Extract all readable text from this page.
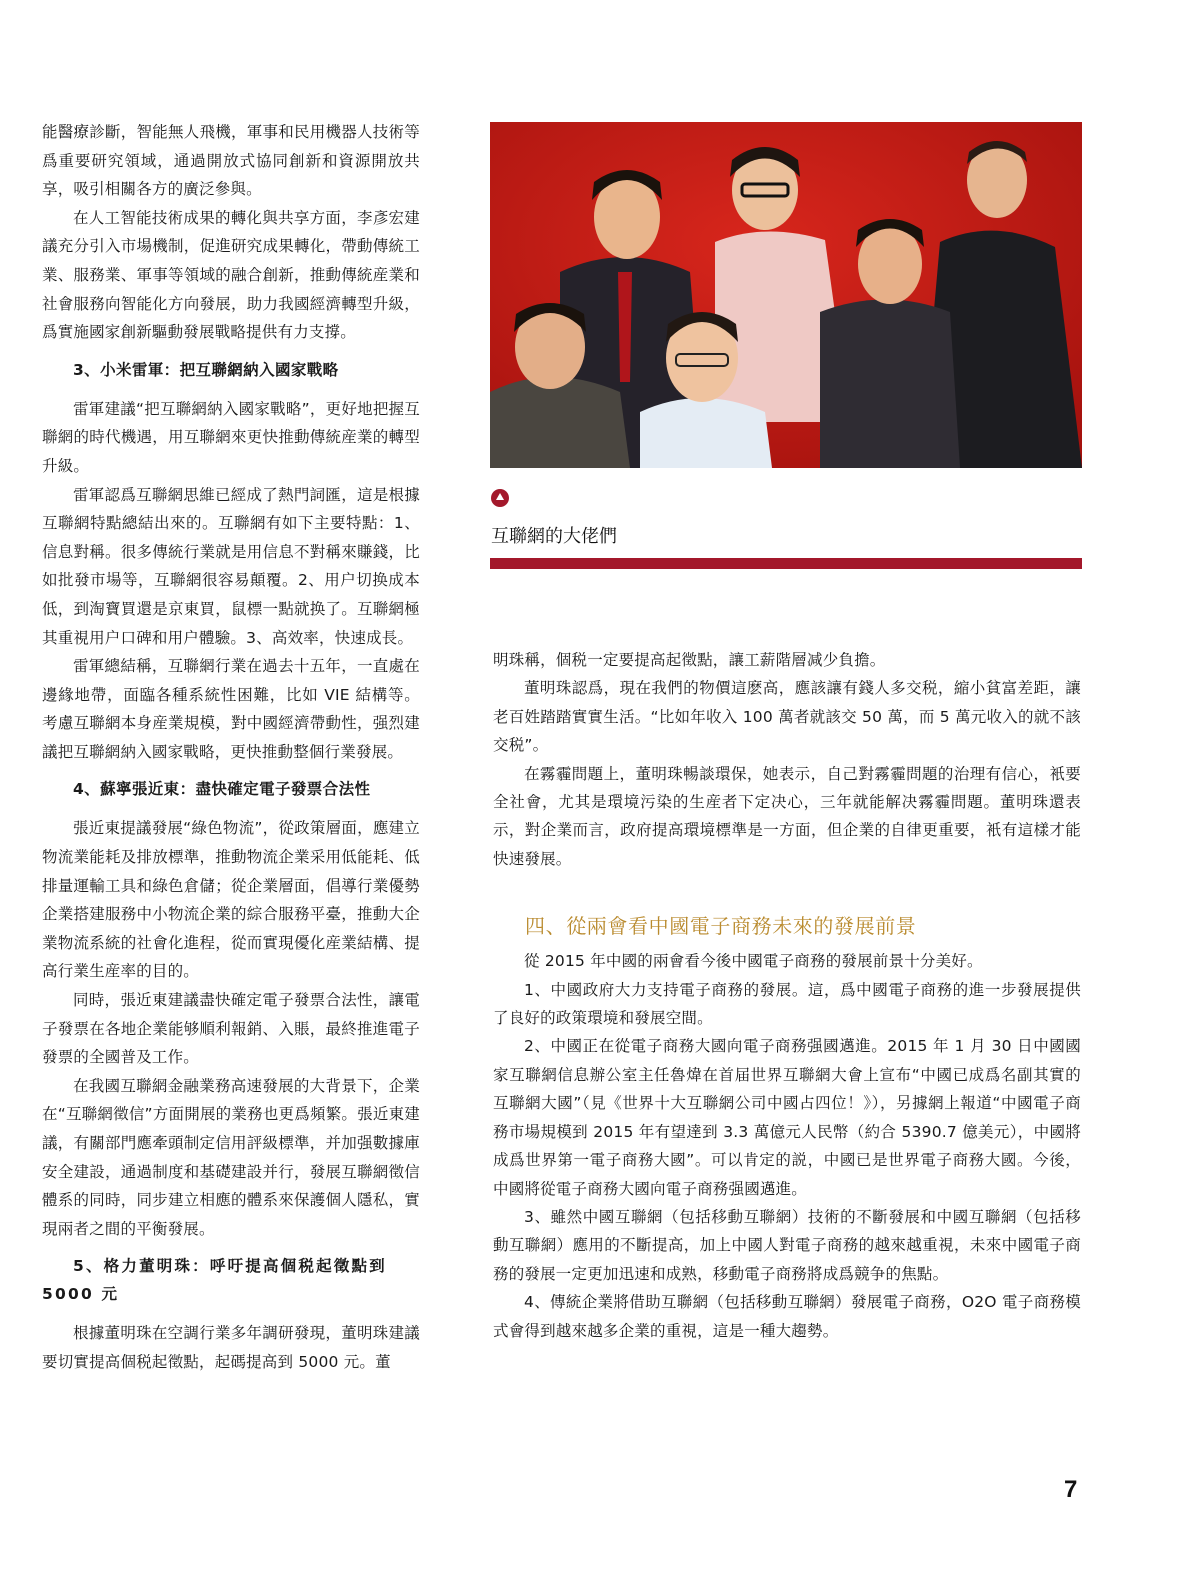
能醫療診斷，智能無人飛機，軍事和民用機器人技術等爲重要研究領域，通過開放式協同創新和資源開放共享，吸引相關各方的廣泛參與。

在人工智能技術成果的轉化與共享方面，李彥宏建議充分引入市場機制，促進研究成果轉化，帶動傳統工業、服務業、軍事等領域的融合創新，推動傳統産業和社會服務向智能化方向發展，助力我國經濟轉型升級，爲實施國家創新驅動發展戰略提供有力支撐。

3、小米雷軍：把互聯網納入國家戰略

雷軍建議“把互聯網納入國家戰略”，更好地把握互聯網的時代機遇，用互聯網來更快推動傳統産業的轉型升級。

雷軍認爲互聯網思維已經成了熱門詞匯，這是根據互聯網特點總結出來的。互聯網有如下主要特點：1、信息對稱。很多傳統行業就是用信息不對稱來賺錢，比如批發市場等，互聯網很容易顛覆。2、用户切换成本低，到淘寶買還是京東買，鼠標一點就换了。互聯網極其重視用户口碑和用户體驗。3、高效率，快速成長。

雷軍總結稱，互聯網行業在過去十五年，一直處在邊緣地帶，面臨各種系統性困難，比如 VIE 結構等。考慮互聯網本身産業規模，對中國經濟帶動性，强烈建議把互聯網納入國家戰略，更快推動整個行業發展。

4、蘇寧張近東：盡快確定電子發票合法性

張近東提議發展“綠色物流”，從政策層面，應建立物流業能耗及排放標準，推動物流企業采用低能耗、低排量運輸工具和綠色倉儲；從企業層面，倡導行業優勢企業搭建服務中小物流企業的綜合服務平臺，推動大企業物流系統的社會化進程，從而實現優化産業結構、提高行業生産率的目的。

同時，張近東建議盡快確定電子發票合法性，讓電子發票在各地企業能够順利報銷、入賬，最終推進電子發票的全國普及工作。

在我國互聯網金融業務高速發展的大背景下，企業在“互聯網徵信”方面開展的業務也更爲頻繁。張近東建議，有關部門應牽頭制定信用評級標準，并加强數據庫安全建設，通過制度和基礎建設并行，發展互聯網徵信體系的同時，同步建立相應的體系來保護個人隱私，實現兩者之間的平衡發展。

5、格力董明珠：呼吁提高個税起徵點到 5000 元

根據董明珠在空調行業多年調研發現，董明珠建議要切實提高個税起徵點，起碼提高到 5000 元。董

互聯網的大佬們

明珠稱，個税一定要提高起徵點，讓工薪階層减少負擔。

董明珠認爲，現在我們的物價這麽高，應該讓有錢人多交税，縮小貧富差距，讓老百姓踏踏實實生活。“比如年收入 100 萬者就該交 50 萬，而 5 萬元收入的就不該交税”。

在霧霾問題上，董明珠暢談環保，她表示，自己對霧霾問題的治理有信心，衹要全社會，尤其是環境污染的生産者下定决心，三年就能解决霧霾問題。董明珠還表示，對企業而言，政府提高環境標準是一方面，但企業的自律更重要，衹有這樣才能快速發展。

四、從兩會看中國電子商務未來的發展前景

從 2015 年中國的兩會看今後中國電子商務的發展前景十分美好。

1、中國政府大力支持電子商務的發展。這，爲中國電子商務的進一步發展提供了良好的政策環境和發展空間。

2、中國正在從電子商務大國向電子商務强國邁進。2015 年 1 月 30 日中國國家互聯網信息辦公室主任魯煒在首届世界互聯網大會上宣布“中國已成爲名副其實的互聯網大國”（見《世界十大互聯網公司中國占四位！》），另據網上報道“中國電子商務市場規模到 2015 年有望達到 3.3 萬億元人民幣（約合 5390.7 億美元），中國將成爲世界第一電子商務大國”。可以肯定的説，中國已是世界電子商務大國。今後，中國將從電子商務大國向電子商務强國邁進。

3、雖然中國互聯網（包括移動互聯網）技術的不斷發展和中國互聯網（包括移動互聯網）應用的不斷提高，加上中國人對電子商務的越來越重視，未來中國電子商務的發展一定更加迅速和成熟，移動電子商務將成爲競争的焦點。

4、傳統企業將借助互聯網（包括移動互聯網）發展電子商務，O2O 電子商務模式會得到越來越多企業的重視，這是一種大趨勢。

7
